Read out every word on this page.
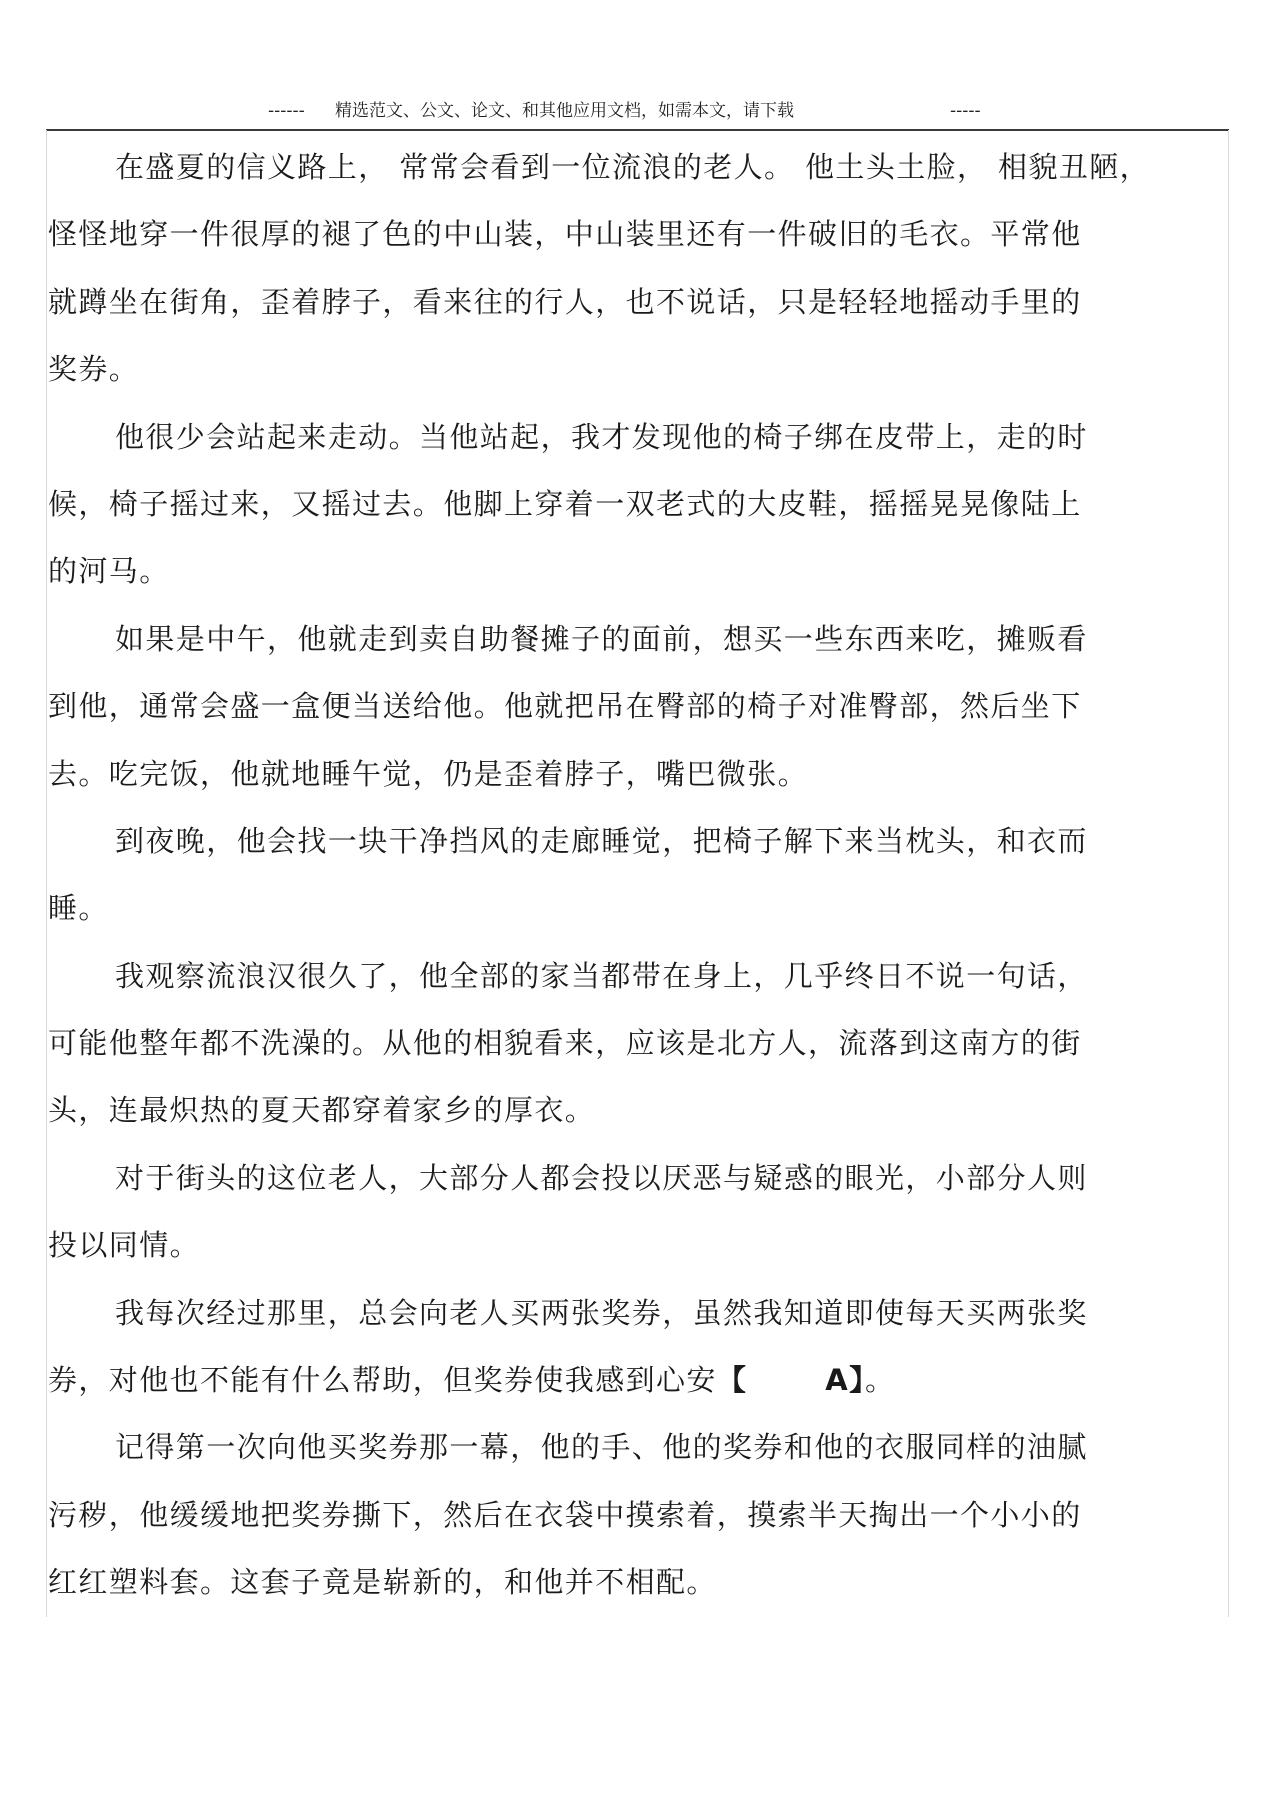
------ 精选范文、公文、论文、和其他应用文档，如需本文，请下载	-----

在盛夏的信义路上， 常常会看到一位流浪的老人。 他土头土脸， 相貌丑陋，
怪怪地穿一件很厚的褪了色的中山装，中山装里还有一件破旧的毛衣。平常他
就蹲坐在街角，歪着脖子，看来往的行人，也不说话，只是轻轻地摇动手里的
奖券。

他很少会站起来走动。当他站起，我才发现他的椅子绑在皮带上，走的时
候，椅子摇过来，又摇过去。他脚上穿着一双老式的大皮鞋，摇摇晃晃像陆上
的河马。

如果是中午，他就走到卖自助餐摊子的面前，想买一些东西来吃，摊贩看
到他，通常会盛一盒便当送给他。他就把吊在臀部的椅子对准臀部，然后坐下
去。吃完饭，他就地睡午觉，仍是歪着脖子，嘴巴微张。

到夜晚，他会找一块干净挡风的走廊睡觉，把椅子解下来当枕头，和衣而
睡。

我观察流浪汉很久了，他全部的家当都带在身上，几乎终日不说一句话，
可能他整年都不洗澡的。从他的相貌看来，应该是北方人，流落到这南方的街
头，连最炽热的夏天都穿着家乡的厚衣。

对于街头的这位老人，大部分人都会投以厌恶与疑惑的眼光，小部分人则
投以同情。

我每次经过那里，总会向老人买两张奖券，虽然我知道即使每天买两张奖
券，对他也不能有什么帮助，但奖券使我感到心安【	A】。

记得第一次向他买奖券那一幕，他的手、他的奖券和他的衣服同样的油腻
污秽，他缓缓地把奖券撕下，然后在衣袋中摸索着，摸索半天掏出一个小小的
红红塑料套。这套子竟是崭新的，和他并不相配。
